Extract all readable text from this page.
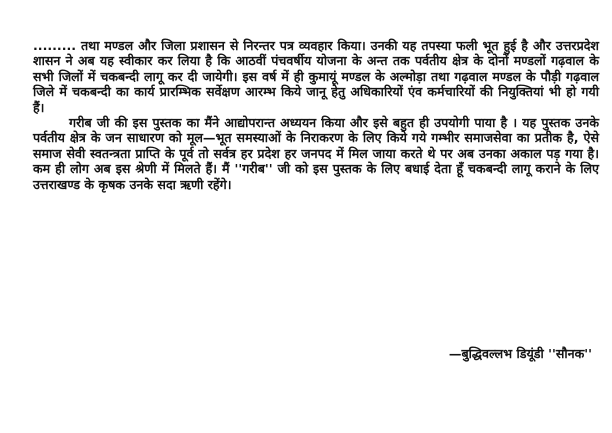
......... तथा मण्डल और जिला प्रशासन से निरन्तर पत्र व्यवहार किया। उनकी यह तपस्या फली भूत हुई है और उत्तरप्रदेश शासन ने अब यह स्वीकार कर लिया है कि आठवीं पंचवर्षीय योजना के अन्त तक पर्वतीय क्षेत्र के दोनों मण्डलों गढ़वाल के सभी जिलों में चकबन्दी लागू कर दी जायेगी। इस वर्ष में ही कुमायूं मण्डल के अल्मोड़ा तथा गढ़वाल मण्डल के पौड़ी गढ़वाल जिले में चकबन्दी का कार्य प्रारम्भिक सर्वेक्षण आरम्भ किये जानू हेतु अधिकारियों एंव कर्मचारियों की नियुक्तियां भी हो गयी हैं।

गरीब जी की इस पुस्तक का मैंने आद्योपरान्त अध्ययन किया और इसे बहुत ही उपयोगी पाया है । यह पुस्तक उनके पर्वतीय क्षेत्र के जन साधारण को मूल—भूत समस्याओं के निराकरण के लिए किये गये गम्भीर समाजसेवा का प्रतीक है, ऐसे समाज सेवी स्वतन्त्रता प्राप्ति के पूर्व तो सर्वत्र हर प्रदेश हर जनपद में मिल जाया करते थे पर अब उनका अकाल पड़ गया है। कम ही लोग अब इस श्रेणी में मिलते हैं। मैं ''गरीब'' जी को इस पुस्तक के लिए बधाई देता हूँ चकबन्दी लागू कराने के लिए उत्तराखण्ड के कृषक उनके सदा ऋणी रहेंगे।

—बुद्धिवल्लभ डियूंडी ''सौनक''
